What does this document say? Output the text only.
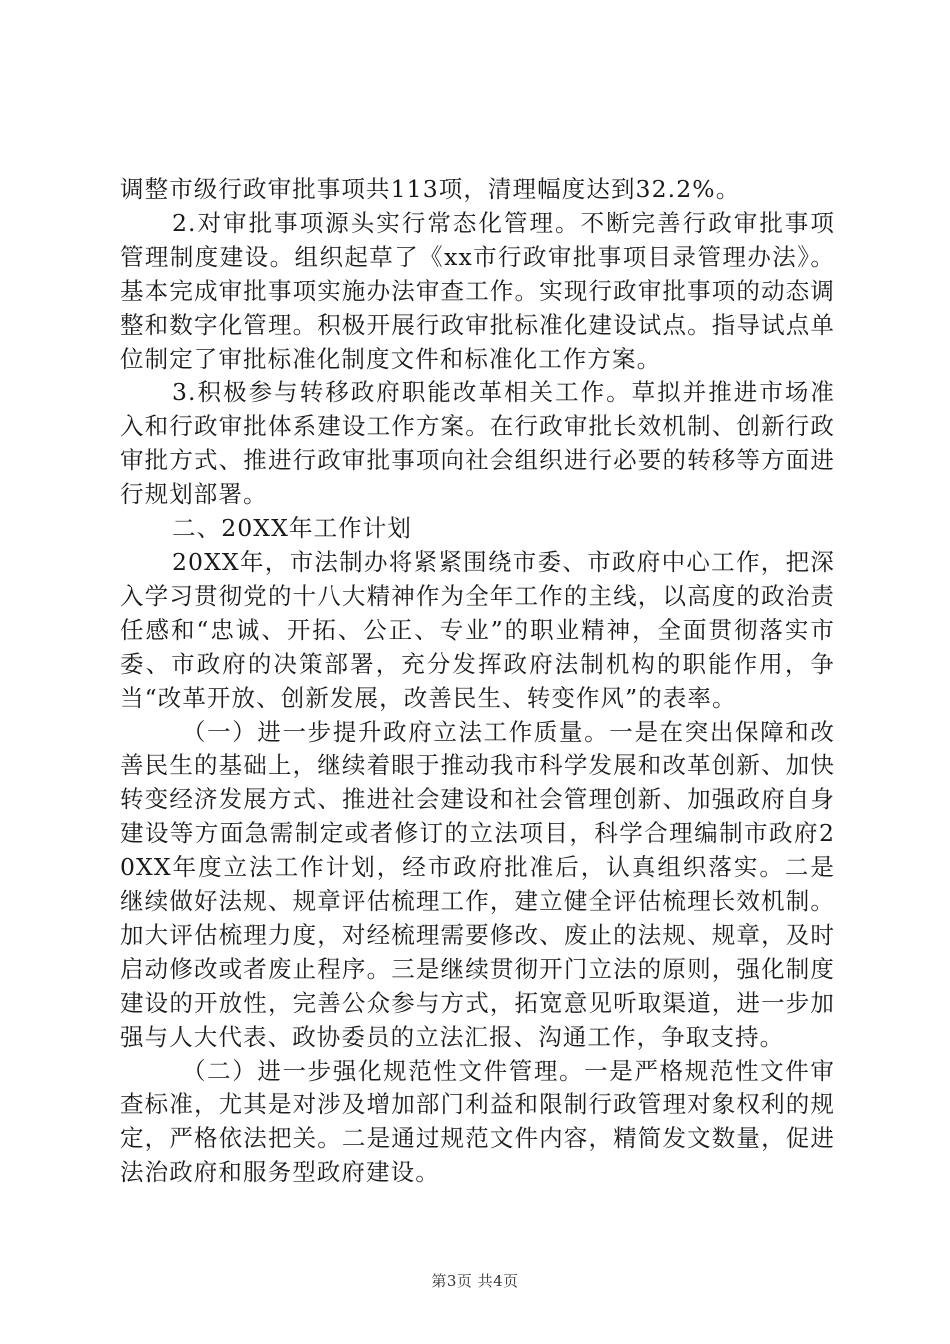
调整市级行政审批事项共113项，清理幅度达到32.2%。

2.对审批事项源头实行常态化管理。不断完善行政审批事项管理制度建设。组织起草了《xx市行政审批事项目录管理办法》。基本完成审批事项实施办法审查工作。实现行政审批事项的动态调整和数字化管理。积极开展行政审批标准化建设试点。指导试点单位制定了审批标准化制度文件和标准化工作方案。

3.积极参与转移政府职能改革相关工作。草拟并推进市场准入和行政审批体系建设工作方案。在行政审批长效机制、创新行政审批方式、推进行政审批事项向社会组织进行必要的转移等方面进行规划部署。

二、20XX年工作计划

20XX年，市法制办将紧紧围绕市委、市政府中心工作，把深入学习贯彻党的十八大精神作为全年工作的主线，以高度的政治责任感和“忠诚、开拓、公正、专业”的职业精神，全面贯彻落实市委、市政府的决策部署，充分发挥政府法制机构的职能作用，争当“改革开放、创新发展，改善民生、转变作风”的表率。

（一）进一步提升政府立法工作质量。一是在突出保障和改善民生的基础上，继续着眼于推动我市科学发展和改革创新、加快转变经济发展方式、推进社会建设和社会管理创新、加强政府自身建设等方面急需制定或者修订的立法项目，科学合理编制市政府20XX年度立法工作计划，经市政府批准后，认真组织落实。二是继续做好法规、规章评估梳理工作，建立健全评估梳理长效机制。加大评估梳理力度，对经梳理需要修改、废止的法规、规章，及时启动修改或者废止程序。三是继续贯彻开门立法的原则，强化制度建设的开放性，完善公众参与方式，拓宽意见听取渠道，进一步加强与人大代表、政协委员的立法汇报、沟通工作，争取支持。

（二）进一步强化规范性文件管理。一是严格规范性文件审查标准，尤其是对涉及增加部门利益和限制行政管理对象权利的规定，严格依法把关。二是通过规范文件内容，精简发文数量，促进法治政府和服务型政府建设。

第3页 共4页
